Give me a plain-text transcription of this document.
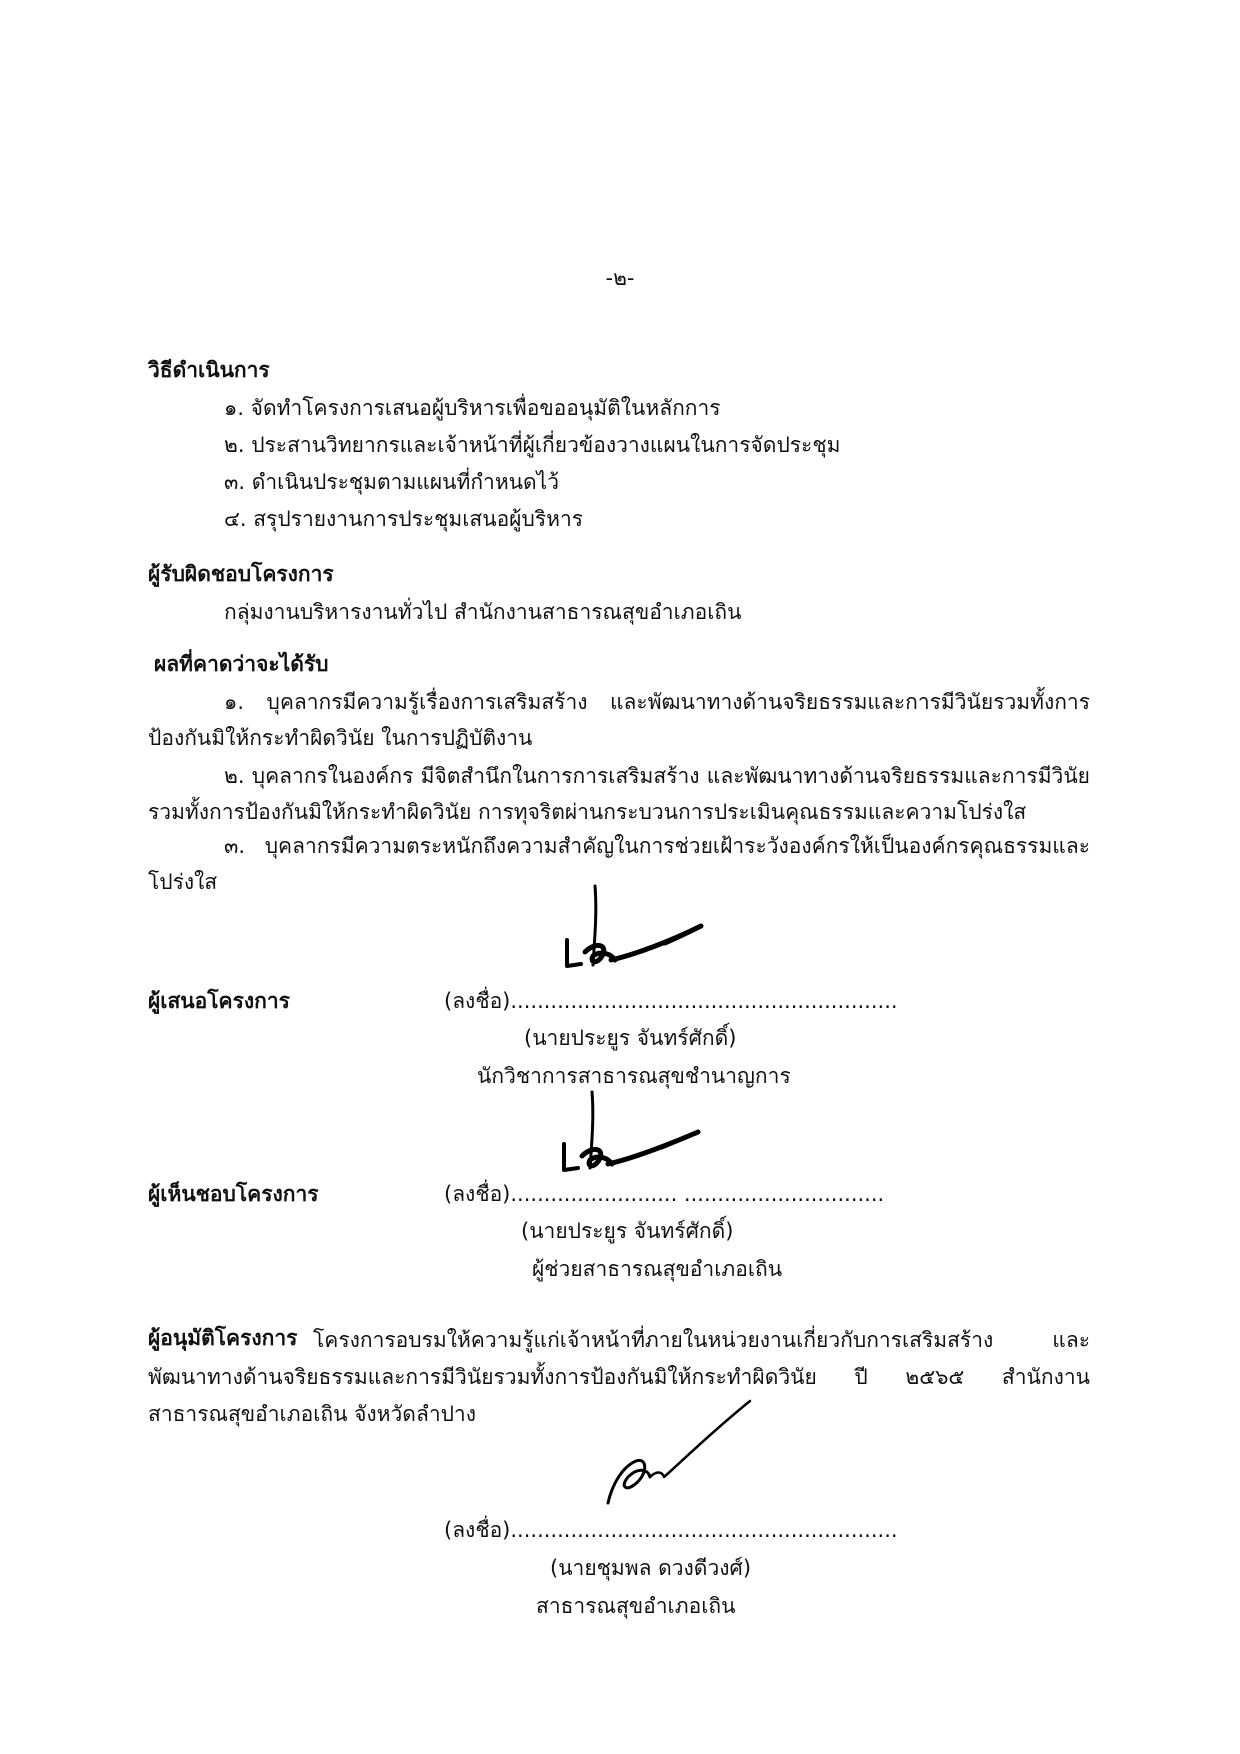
-๒-
วิธีดำเนินการ
๑. จัดทำโครงการเสนอผู้บริหารเพื่อขออนุมัติในหลักการ
๒. ประสานวิทยากรและเจ้าหน้าที่ผู้เกี่ยวข้องวางแผนในการจัดประชุม
๓. ดำเนินประชุมตามแผนที่กำหนดไว้
๔. สรุปรายงานการประชุมเสนอผู้บริหาร
ผู้รับผิดชอบโครงการ
กลุ่มงานบริหารงานทั่วไป สำนักงานสาธารณสุขอำเภอเถิน
ผลที่คาดว่าจะได้รับ
๑. บุคลากรมีความรู้เรื่องการเสริมสร้าง และพัฒนาทางด้านจริยธรรมและการมีวินัยรวมทั้งการป้องกันมิให้กระทำผิดวินัย ในการปฏิบัติงาน
๒. บุคลากรในองค์กร มีจิตสำนึกในการการเสริมสร้าง และพัฒนาทางด้านจริยธรรมและการมีวินัยรวมทั้งการป้องกันมิให้กระทำผิดวินัย การทุจริตผ่านกระบวนการประเมินคุณธรรมและความโปร่งใส
๓. บุคลากรมีความตระหนักถึงความสำคัญในการช่วยเฝ้าระวังองค์กรให้เป็นองค์กรคุณธรรมและโปร่งใส
ผู้เสนอโครงการ	(ลงชื่อ)..........................................................
(นายประยูร จันทร์ศักดิ์)
นักวิชาการสาธารณสุขชำนาญการ
ผู้เห็นชอบโครงการ	(ลงชื่อ)......................... ..............................
(นายประยูร จันทร์ศักดิ์)
ผู้ช่วยสาธารณสุขอำเภอเถิน
ผู้อนุมัติโครงการ โครงการอบรมให้ความรู้แก่เจ้าหน้าที่ภายในหน่วยงานเกี่ยวกับการเสริมสร้าง และพัฒนาทางด้านจริยธรรมและการมีวินัยรวมทั้งการป้องกันมิให้กระทำผิดวินัย ปี ๒๕๖๕ สำนักงานสาธารณสุขอำเภอเถิน จังหวัดลำปาง
(ลงชื่อ)..........................................................
(นายชุมพล ดวงดีวงศ์)
สาธารณสุขอำเภอเถิน
